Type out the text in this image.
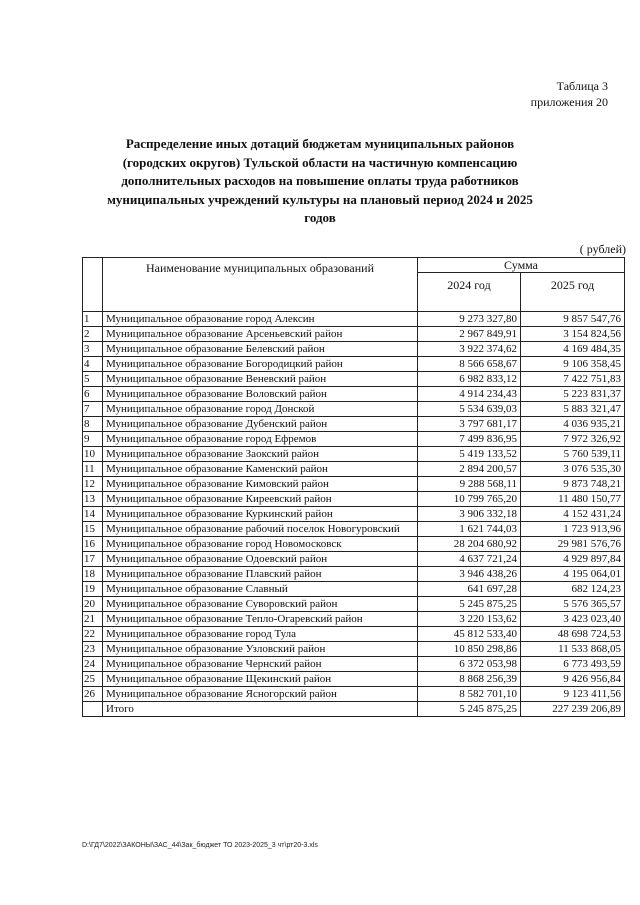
Таблица 3
приложения 20
Распределение иных дотаций бюджетам муниципальных районов (городских округов) Тульской области на частичную компенсацию дополнительных расходов на повышение оплаты труда работников муниципальных учреждений культуры на плановый период 2024 и 2025 годов
( рублей)
	Наименование муниципальных образований	Сумма	
		2024 год	2025 год
1	Муниципальное образование город Алексин	9 273 327,80	9 857 547,76
2	Муниципальное образование Арсеньевский район	2 967 849,91	3 154 824,56
3	Муниципальное образование Белевский район	3 922 374,62	4 169 484,35
4	Муниципальное образование Богородицкий район	8 566 658,67	9 106 358,45
5	Муниципальное образование Веневский район	6 982 833,12	7 422 751,83
6	Муниципальное образование Воловский район	4 914 234,43	5 223 831,37
7	Муниципальное образование город Донской	5 534 639,03	5 883 321,47
8	Муниципальное образование Дубенский район	3 797 681,17	4 036 935,21
9	Муниципальное образование город Ефремов	7 499 836,95	7 972 326,92
10	Муниципальное образование Заокский район	5 419 133,52	5 760 539,11
11	Муниципальное образование Каменский район	2 894 200,57	3 076 535,30
12	Муниципальное образование Кимовский район	9 288 568,11	9 873 748,21
13	Муниципальное образование Киреевский район	10 799 765,20	11 480 150,77
14	Муниципальное образование Куркинский район	3 906 332,18	4 152 431,24
15	Муниципальное образование рабочий поселок Новогуровский	1 621 744,03	1 723 913,96
16	Муниципальное образование город Новомосковск	28 204 680,92	29 981 576,76
17	Муниципальное образование Одоевский район	4 637 721,24	4 929 897,84
18	Муниципальное образование Плавский район	3 946 438,26	4 195 064,01
19	Муниципальное образование Славный	641 697,28	682 124,23
20	Муниципальное образование Суворовский район	5 245 875,25	5 576 365,57
21	Муниципальное образование Тепло-Огаревский район	3 220 153,62	3 423 023,40
22	Муниципальное образование город Тула	45 812 533,40	48 698 724,53
23	Муниципальное образование Узловский район	10 850 298,86	11 533 868,05
24	Муниципальное образование Чернский район	6 372 053,98	6 773 493,59
25	Муниципальное образование Щекинский район	8 868 256,39	9 426 956,84
26	Муниципальное образование Ясногорский район	8 582 701,10	9 123 411,56
	Итого	5 245 875,25	227 239 206,89
D:\ГД7\2022\ЗАКОНЫ\ЗАС_44\Зак_бюджет ТО 2023-2025_3 чт\рт20-3.xls
